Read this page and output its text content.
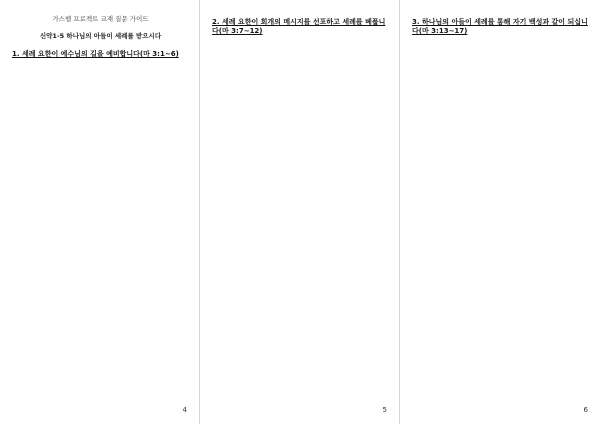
가스펠 프로젝트 교재 질문 가이드
신약1-5 하나님의 아들이 세례를 받으시다
1. 세례 요한이 예수님의 길을 예비합니다(마 3:1~6)

4
2. 세례 요한이 회개의 메시지를 선포하고 세례를 베풉니다(마 3:7~12)

5

3. 하나님의 아들이 세례를 통해 자기 백성과 같이 되십니다(마 3:13~17)

6
